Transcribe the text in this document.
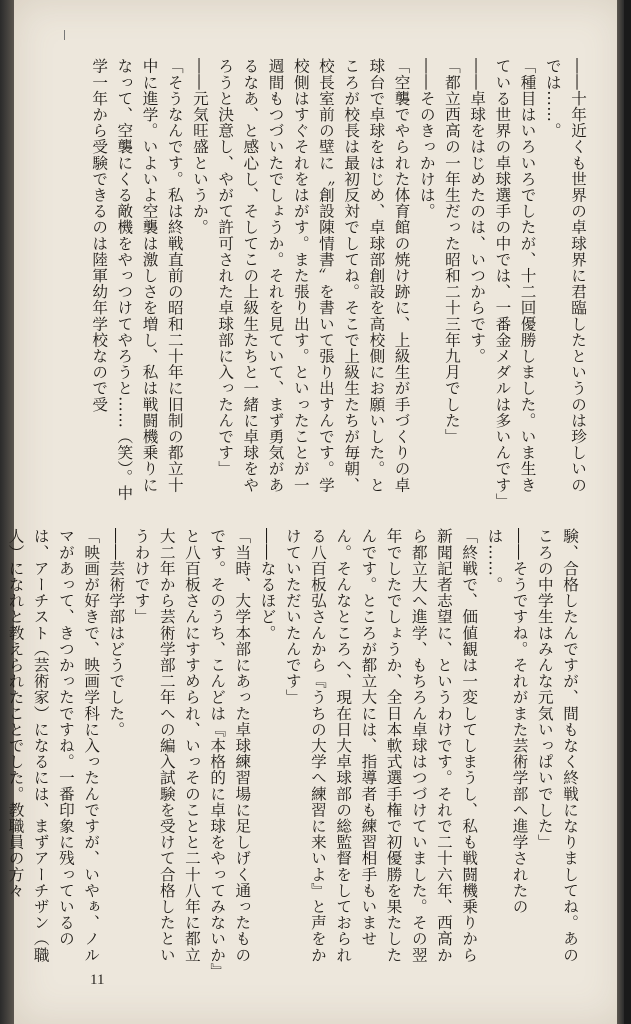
――十年近くも世界の卓球界に君臨したというのは珍しいのでは……。

「種目はいろいろでしたが、十二回優勝しました。いま生きている世界の卓球選手の中では、一番金メダルは多いんです」

――卓球をはじめたのは、いつからです。

「都立西高の一年生だった昭和二十三年九月でした」

――そのきっかけは。

「空襲でやられた体育館の焼け跡に、上級生が手づくりの卓球台で卓球をはじめ、卓球部創設を高校側にお願いした。ところが校長は最初反対でしてね。そこで上級生たちが毎朝、校長室前の壁に〝創設陳情書〟を書いて張り出すんです。学校側はすぐそれをはがす。また張り出す。といったことが一週間もつづいたでしょうか。それを見ていて、まず勇気があるなあ、と感心し、そしてこの上級生たちと一緒に卓球をやろうと決意し、やがて許可された卓球部に入ったんです」

――元気旺盛というか。

「そうなんです。私は終戦直前の昭和二十年に旧制の都立十中に進学。いよいよ空襲は激しさを増し、私は戦闘機乗りになって、空襲にくる敵機をやっつけてやろうと……（笑）。中学一年から受験できるのは陸軍幼年学校なので受

験、合格したんですが、間もなく終戦になりましてね。あのころの中学生はみんな元気いっぱいでした」

――そうですね。それがまた芸術学部へ進学されたのは……。

「終戦で、価値観は一変してしまうし、私も戦闘機乗りから新聞記者志望に、というわけです。それで二十六年、西高から都立大へ進学、もちろん卓球はつづけていました。その翌年でしたでしょうか、全日本軟式選手権で初優勝を果たしたんです。ところが都立大には、指導者も練習相手もいません。そんなところへ、現在日大卓球部の総監督をしておられる八百板弘さんから『うちの大学へ練習に来いよ』と声をかけていただいたんです」

――なるほど。

「当時、大学本部にあった卓球練習場に足しげく通ったものです。そのうち、こんどは『本格的に卓球をやってみないか』と八百板さんにすすめられ、いっそのことと二十八年に都立大二年から芸術学部二年への編入試験を受けて合格したというわけです」

――芸術学部はどうでした。

「映画が好きで、映画学科に入ったんですが、いやぁ、ノルマがあって、きつかったですね。一番印象に残っているのは、アーチスト（芸術家）になるには、まずアーチザン（職人）になれと教えられたことでした。教職員の方々

11
